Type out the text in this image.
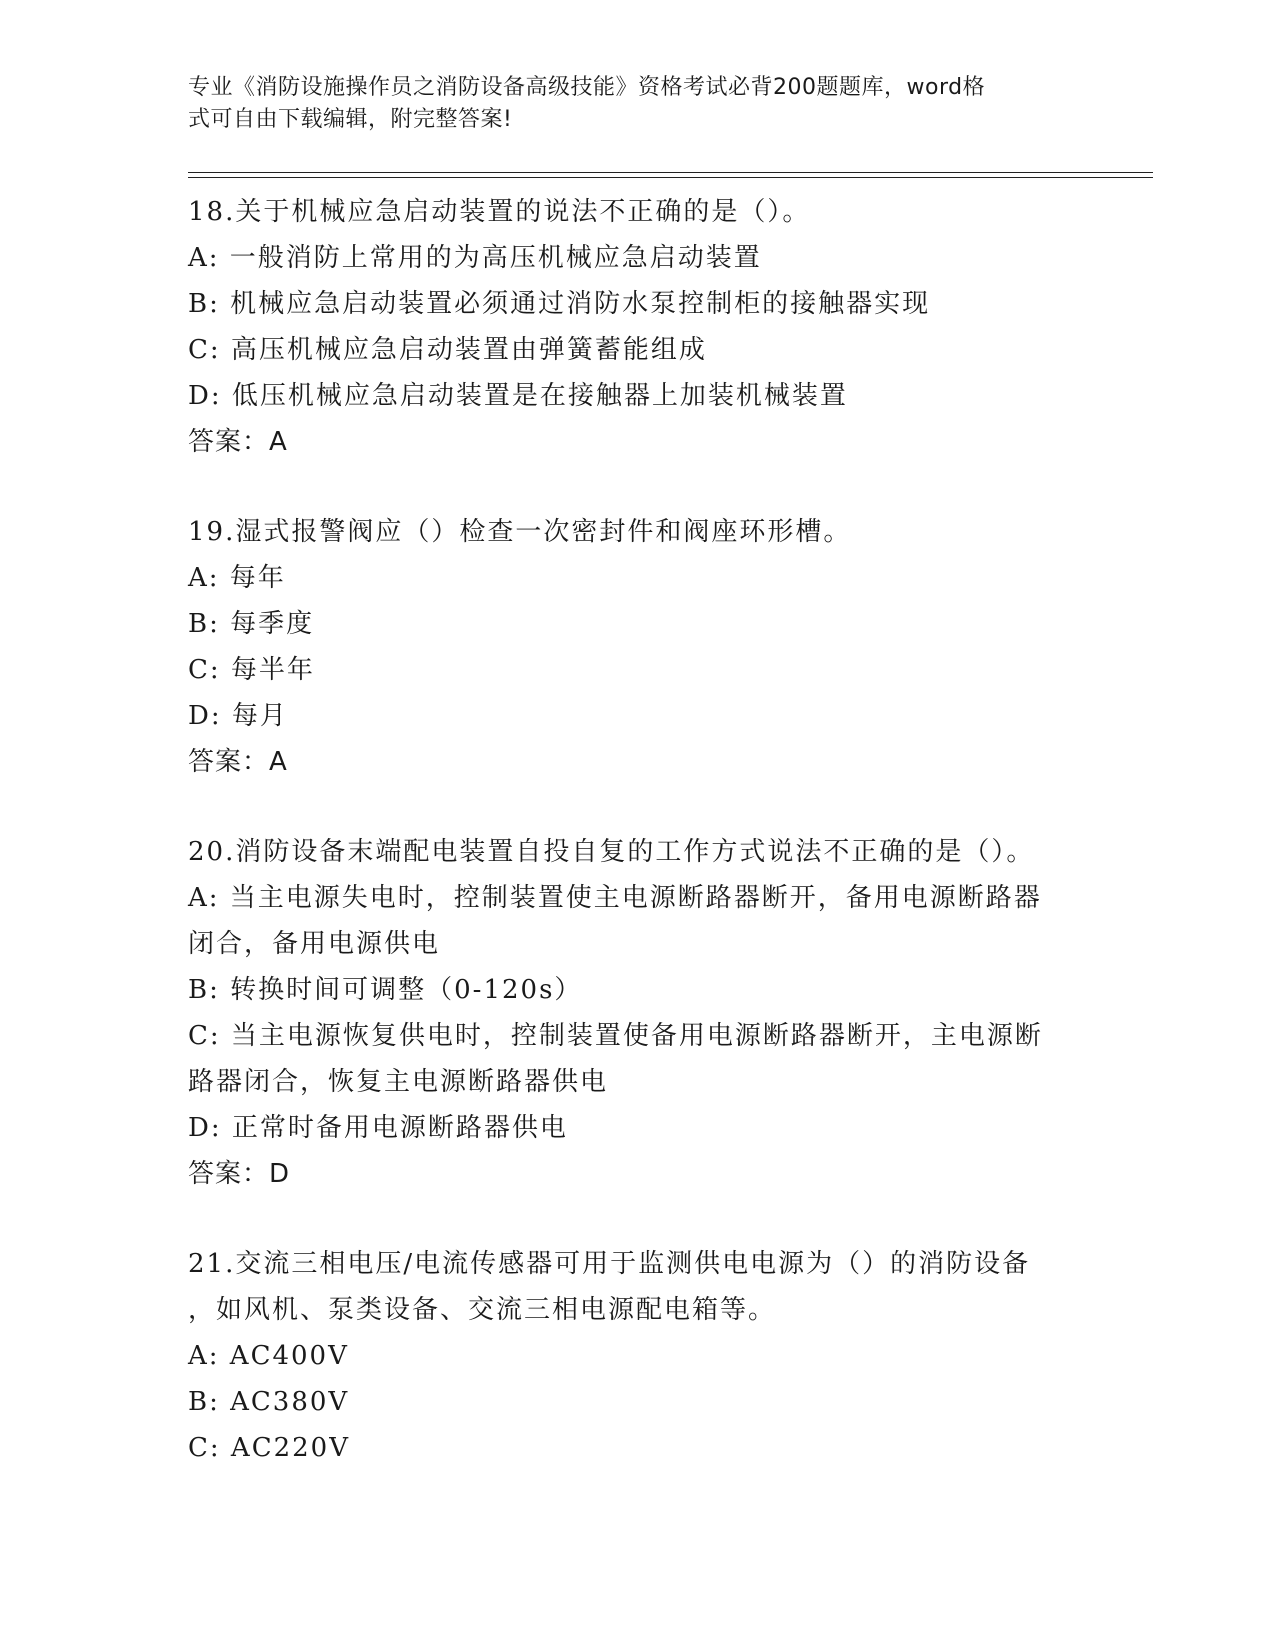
专业《消防设施操作员之消防设备高级技能》资格考试必背200题题库，word格
式可自由下载编辑，附完整答案!
18.关于机械应急启动装置的说法不正确的是（）。
A: 一般消防上常用的为高压机械应急启动装置
B: 机械应急启动装置必须通过消防水泵控制柜的接触器实现
C: 高压机械应急启动装置由弹簧蓄能组成
D: 低压机械应急启动装置是在接触器上加装机械装置
答案：A
19.湿式报警阀应（）检查一次密封件和阀座环形槽。
A: 每年
B: 每季度
C: 每半年
D: 每月
答案：A
20.消防设备末端配电装置自投自复的工作方式说法不正确的是（）。
A: 当主电源失电时，控制装置使主电源断路器断开，备用电源断路器
闭合，备用电源供电
B: 转换时间可调整（0-120s）
C: 当主电源恢复供电时，控制装置使备用电源断路器断开，主电源断
路器闭合，恢复主电源断路器供电
D: 正常时备用电源断路器供电
答案：D
21.交流三相电压/电流传感器可用于监测供电电源为（）的消防设备
，如风机、泵类设备、交流三相电源配电箱等。
A: AC400V
B: AC380V
C: AC220V
